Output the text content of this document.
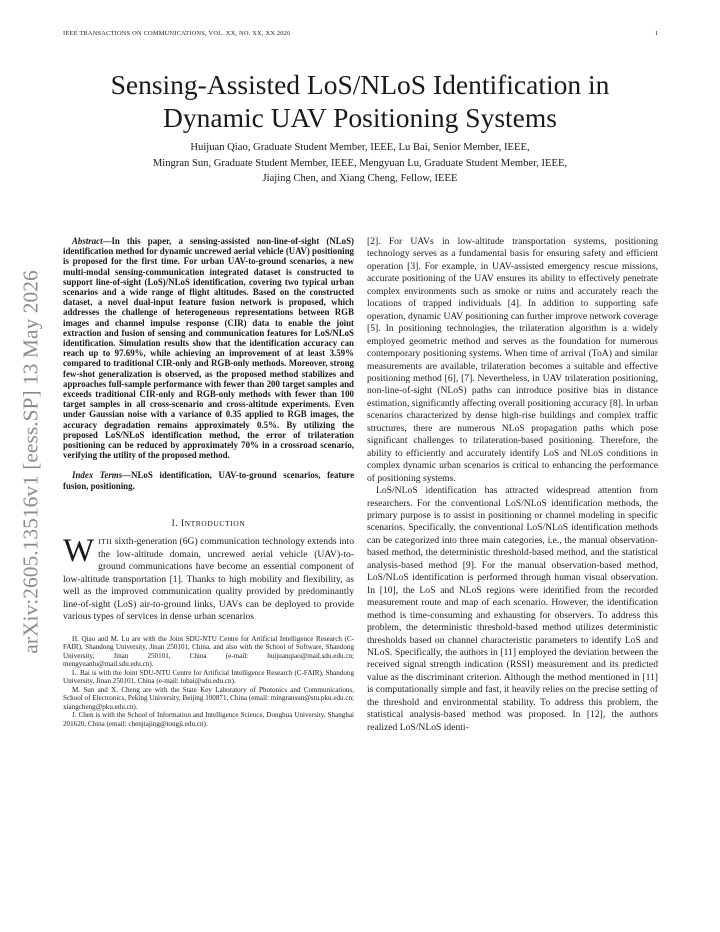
IEEE TRANSACTIONS ON COMMUNICATIONS, VOL. XX, NO. XX, XX 2026	1
arXiv:2605.13516v1 [eess.SP] 13 May 2026
Sensing-Assisted LoS/NLoS Identification in
Dynamic UAV Positioning Systems
Huijuan Qiao, Graduate Student Member, IEEE, Lu Bai, Senior Member, IEEE,
Mingran Sun, Graduate Student Member, IEEE, Mengyuan Lu, Graduate Student Member, IEEE,
Jiajing Chen, and Xiang Cheng, Fellow, IEEE

Abstract—In this paper, a sensing-assisted non-line-of-sight (NLoS) identification method for dynamic uncrewed aerial vehicle (UAV) positioning is proposed for the first time. For urban UAV-to-ground scenarios, a new multi-modal sensing-communication integrated dataset is constructed to support line-of-sight (LoS)/NLoS identification, covering two typical urban scenarios and a wide range of flight altitudes. Based on the constructed dataset, a novel dual-input feature fusion network is proposed, which addresses the challenge of heterogeneous representations between RGB images and channel impulse response (CIR) data to enable the joint extraction and fusion of sensing and communication features for LoS/NLoS identification. Simulation results show that the identification accuracy can reach up to 97.69%, while achieving an improvement of at least 3.59% compared to traditional CIR-only and RGB-only methods. Moreover, strong few-shot generalization is observed, as the proposed method stabilizes and approaches full-sample performance with fewer than 200 target samples and exceeds traditional CIR-only and RGB-only methods with fewer than 100 target samples in all cross-scenario and cross-altitude experiments. Even under Gaussian noise with a variance of 0.35 applied to RGB images, the accuracy degradation remains approximately 0.5%. By utilizing the proposed LoS/NLoS identification method, the error of trilateration positioning can be reduced by approximately 70% in a crossroad scenario, verifying the utility of the proposed method.

Index Terms—NLoS identification, UAV-to-ground scenarios, feature fusion, positioning.

I. INTRODUCTION

WITH sixth-generation (6G) communication technology extends into the low-altitude domain, uncrewed aerial vehicle (UAV)-to-ground communications have become an essential component of low-altitude transportation [1]. Thanks to high mobility and flexibility, as well as the improved communication quality provided by predominantly line-of-sight (LoS) air-to-ground links, UAVs can be deployed to provide various types of services in dense urban scenarios

H. Qiao and M. Lu are with the Joint SDU-NTU Centre for Artificial Intelligence Research (C-FAIR), Shandong University, Jinan 250101, China, and also with the School of Software, Shandong University, Jinan 250101, China (e-mail: huijuanqiao@mail.sdu.edu.cn; mengyuanlu@mail.sdu.edu.cn).

L. Bai is with the Joint SDU-NTU Centre for Artificial Intelligence Research (C-FAIR), Shandong University, Jinan 250101, China (e-mail: lubai@sdu.edu.cn).

M. Sun and X. Cheng are with the State Key Laboratory of Photonics and Communications, School of Electronics, Peking University, Beijing 100871, China (email: mingransun@stu.pku.edu.cn; xiangcheng@pku.edu.cn).

J. Chen is with the School of Information and Intelligence Science, Donghua University, Shanghai 201620, China (email: chenjiajing@tongji.edu.cn).

[2]. For UAVs in low-altitude transportation systems, positioning technology serves as a fundamental basis for ensuring safety and efficient operation [3]. For example, in UAV-assisted emergency rescue missions, accurate positioning of the UAV ensures its ability to effectively penetrate complex environments such as smoke or ruins and accurately reach the locations of trapped individuals [4]. In addition to supporting safe operation, dynamic UAV positioning can further improve network coverage [5]. In positioning technologies, the trilateration algorithm is a widely employed geometric method and serves as the foundation for numerous contemporary positioning systems. When time of arrival (ToA) and similar measurements are available, trilateration becomes a suitable and effective positioning method [6], [7]. Nevertheless, in UAV trilateration positioning, non-line-of-sight (NLoS) paths can introduce positive bias in distance estimation, significantly affecting overall positioning accuracy [8]. In urban scenarios characterized by dense high-rise buildings and complex traffic structures, there are numerous NLoS propagation paths which pose significant challenges to trilateration-based positioning. Therefore, the ability to efficiently and accurately identify LoS and NLoS conditions in complex dynamic urban scenarios is critical to enhancing the performance of positioning systems.

LoS/NLoS identification has attracted widespread attention from researchers. For the conventional LoS/NLoS identification methods, the primary purpose is to assist in positioning or channel modeling in specific scenarios. Specifically, the conventional LoS/NLoS identification methods can be categorized into three main categories, i.e., the manual observation-based method, the deterministic threshold-based method, and the statistical analysis-based method [9]. For the manual observation-based method, LoS/NLoS identification is performed through human visual observation. In [10], the LoS and NLoS regions were identified from the recorded measurement route and map of each scenario. However, the identification method is time-consuming and exhausting for observers. To address this problem, the deterministic threshold-based method utilizes deterministic thresholds based on channel characteristic parameters to identify LoS and NLoS. Specifically, the authors in [11] employed the deviation between the received signal strength indication (RSSI) measurement and its predicted value as the discriminant criterion. Although the method mentioned in [11] is computationally simple and fast, it heavily relies on the precise setting of the threshold and environmental stability. To address this problem, the statistical analysis-based method was proposed. In [12], the authors realized LoS/NLoS identi-
